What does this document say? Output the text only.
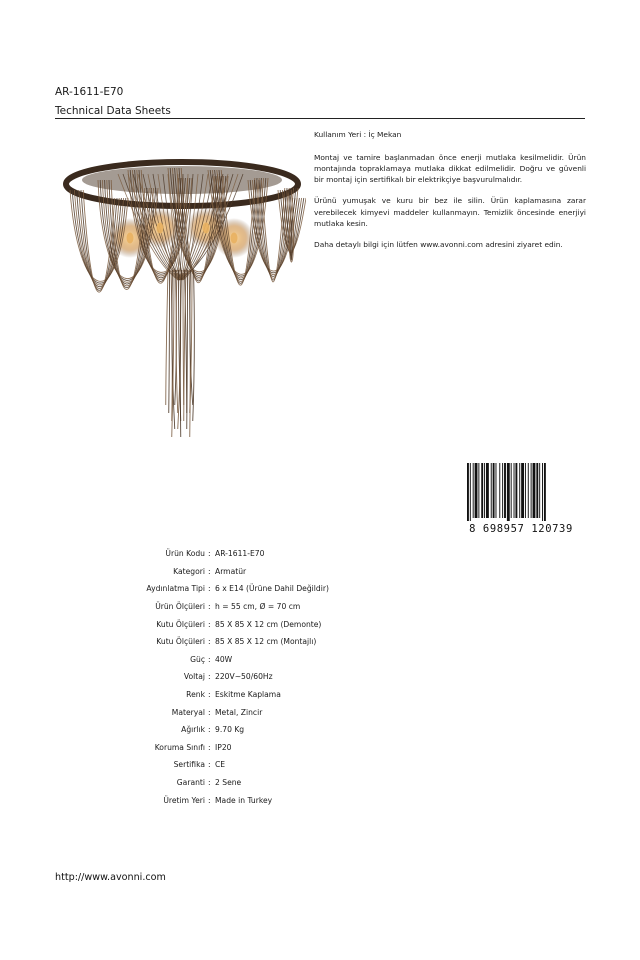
AR-1611-E70
Technical Data Sheets

Kullanım Yeri : İç Mekan

Montaj ve tamire başlanmadan önce enerji mutlaka kesilmelidir. Ürün montajında topraklamaya mutlaka dikkat edilmelidir. Doğru ve güvenli bir montaj için sertifikalı bir elektrikçiye başvurulmalıdır.

Ürünü yumuşak ve kuru bir bez ile silin. Ürün kaplamasına zarar verebilecek kimyevi maddeler kullanmayın. Temizlik öncesinde enerjiyi mutlaka kesin.

Daha detaylı bilgi için lütfen www.avonni.com adresini ziyaret edin.

8 698957 120739
Ürün Kodu : AR-1611-E70
Kategori : Armatür
Aydınlatma Tipi : 6 x E14 (Ürüne Dahil Değildir)
Ürün Ölçüleri : h = 55 cm, Ø = 70 cm
Kutu Ölçüleri : 85 X 85 X 12 cm (Demonte)
Kutu Ölçüleri : 85 X 85 X 12 cm (Montajlı)
Güç : 40W
Voltaj : 220V~50/60Hz
Renk : Eskitme Kaplama
Materyal : Metal, Zincir
Ağırlık : 9.70 Kg
Koruma Sınıfı : IP20
Sertifika : CE
Garanti : 2 Sene
Üretim Yeri : Made in Turkey
http://www.avonni.com
